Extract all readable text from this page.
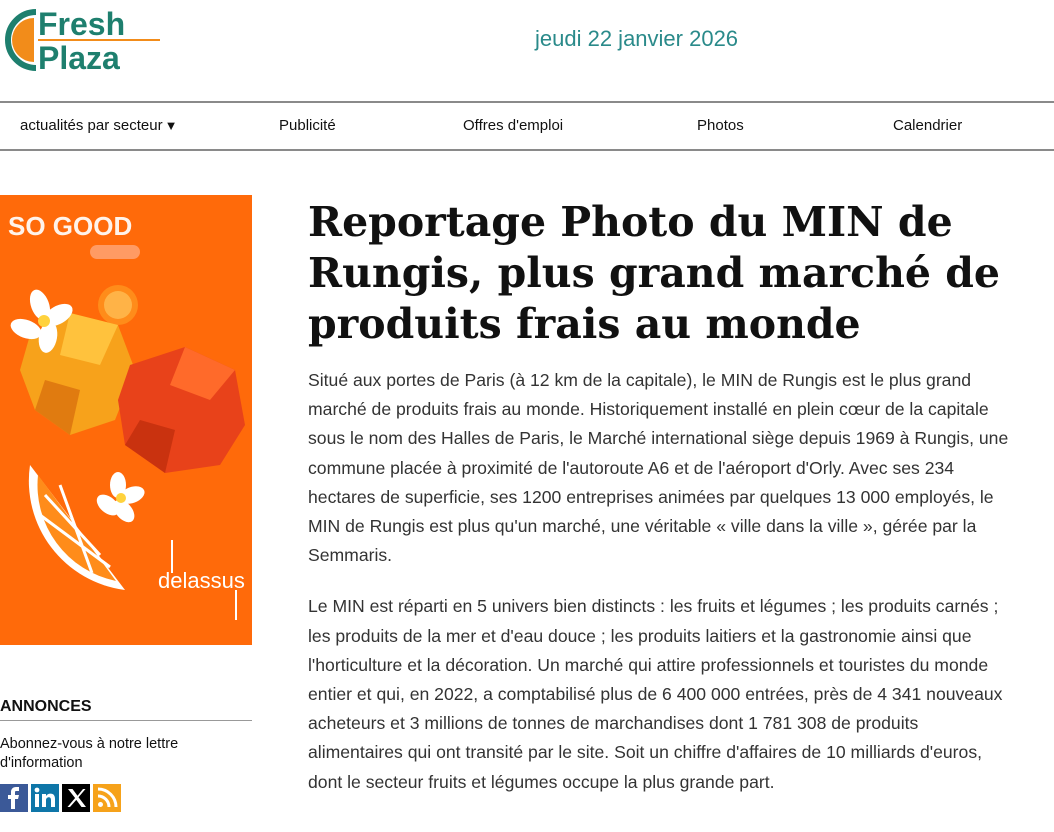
Fresh
Plaza
jeudi 22 janvier 2026
actualités par secteur ▼	Publicité	Offres d'emploi	Photos	Calendrier
SO GOOD
delassus
ANNONCES
Abonnez-vous à notre lettre d'information
Reportage Photo du MIN de Rungis, plus grand marché de produits frais au monde

Situé aux portes de Paris (à 12 km de la capitale), le MIN de Rungis est le plus grand marché de produits frais au monde. Historiquement installé en plein cœur de la capitale sous le nom des Halles de Paris, le Marché international siège depuis 1969 à Rungis, une commune placée à proximité de l'autoroute A6 et de l'aéroport d'Orly. Avec ses 234 hectares de superficie, ses 1200 entreprises animées par quelques 13 000 employés, le MIN de Rungis est plus qu'un marché, une véritable « ville dans la ville », gérée par la Semmaris.

Le MIN est réparti en 5 univers bien distincts : les fruits et légumes ; les produits carnés ; les produits de la mer et d'eau douce ; les produits laitiers et la gastronomie ainsi que l'horticulture et la décoration. Un marché qui attire professionnels et touristes du monde entier et qui, en 2022, a comptabilisé plus de 6 400 000 entrées, près de 4 341 nouveaux acheteurs et 3 millions de tonnes de marchandises dont 1 781 308 de produits alimentaires qui ont transité par le site. Soit un chiffre d'affaires de 10 milliards d'euros, dont le secteur fruits et légumes occupe la plus grande part.
